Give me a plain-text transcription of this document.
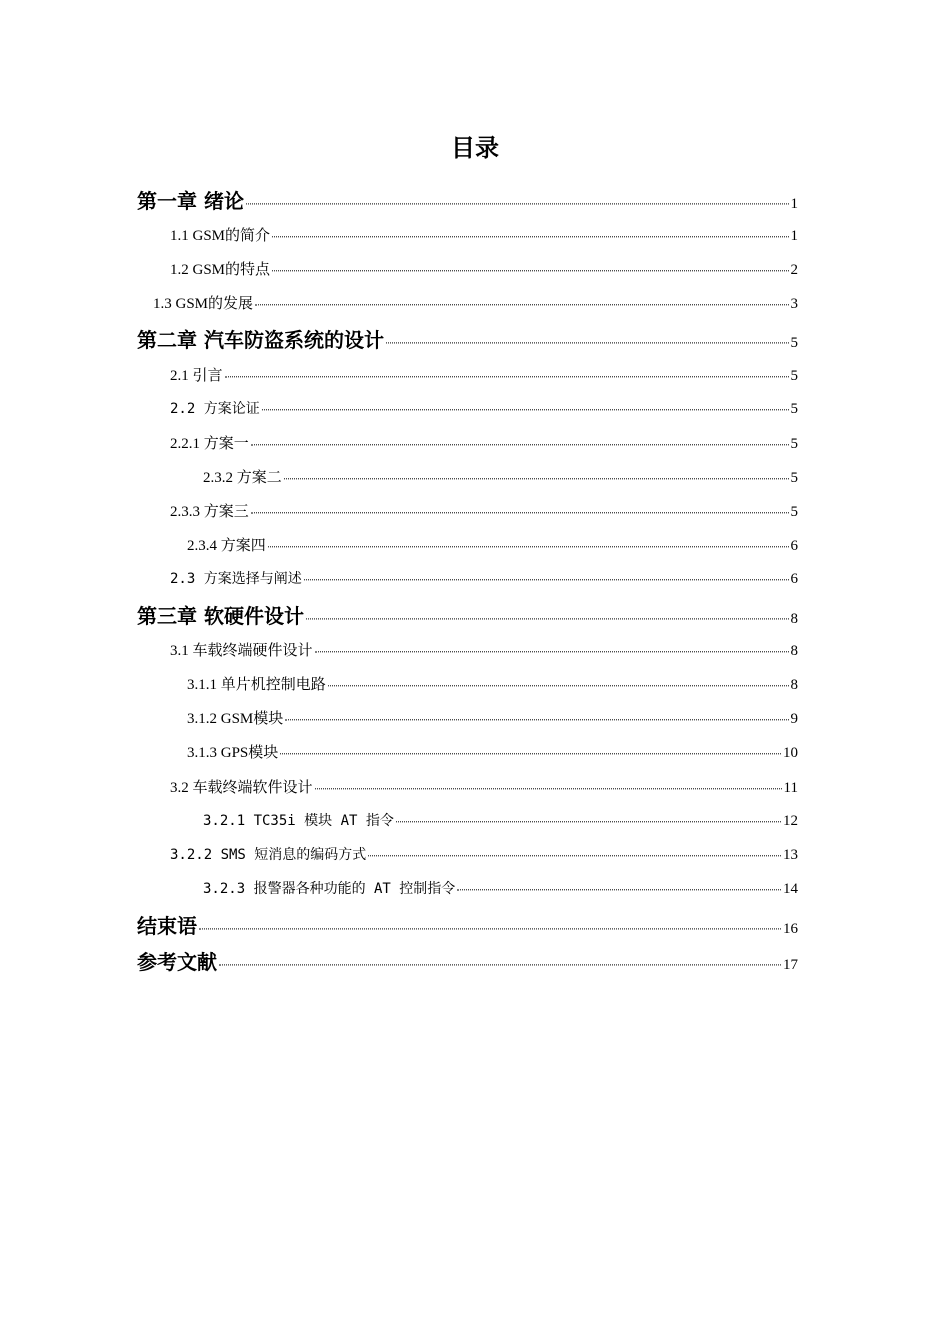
目录
第一章 绪论	1
1.1 GSM的简介	1
1.2 GSM的特点	2
1.3 GSM的发展	3
第二章 汽车防盗系统的设计	5
2.1 引言	5
2.2 方案论证	5
2.2.1 方案一	5
2.3.2 方案二	5
2.3.3 方案三	5
2.3.4 方案四	6
2.3 方案选择与阐述	6
第三章 软硬件设计	8
3.1 车载终端硬件设计	8
3.1.1 单片机控制电路	8
3.1.2 GSM模块	9
3.1.3 GPS模块	10
3.2 车载终端软件设计	11
3.2.1 TC35i 模块 AT 指令	12
3.2.2 SMS 短消息的编码方式	13
3.2.3 报警器各种功能的 AT 控制指令	14
结束语	16
参考文献	17
